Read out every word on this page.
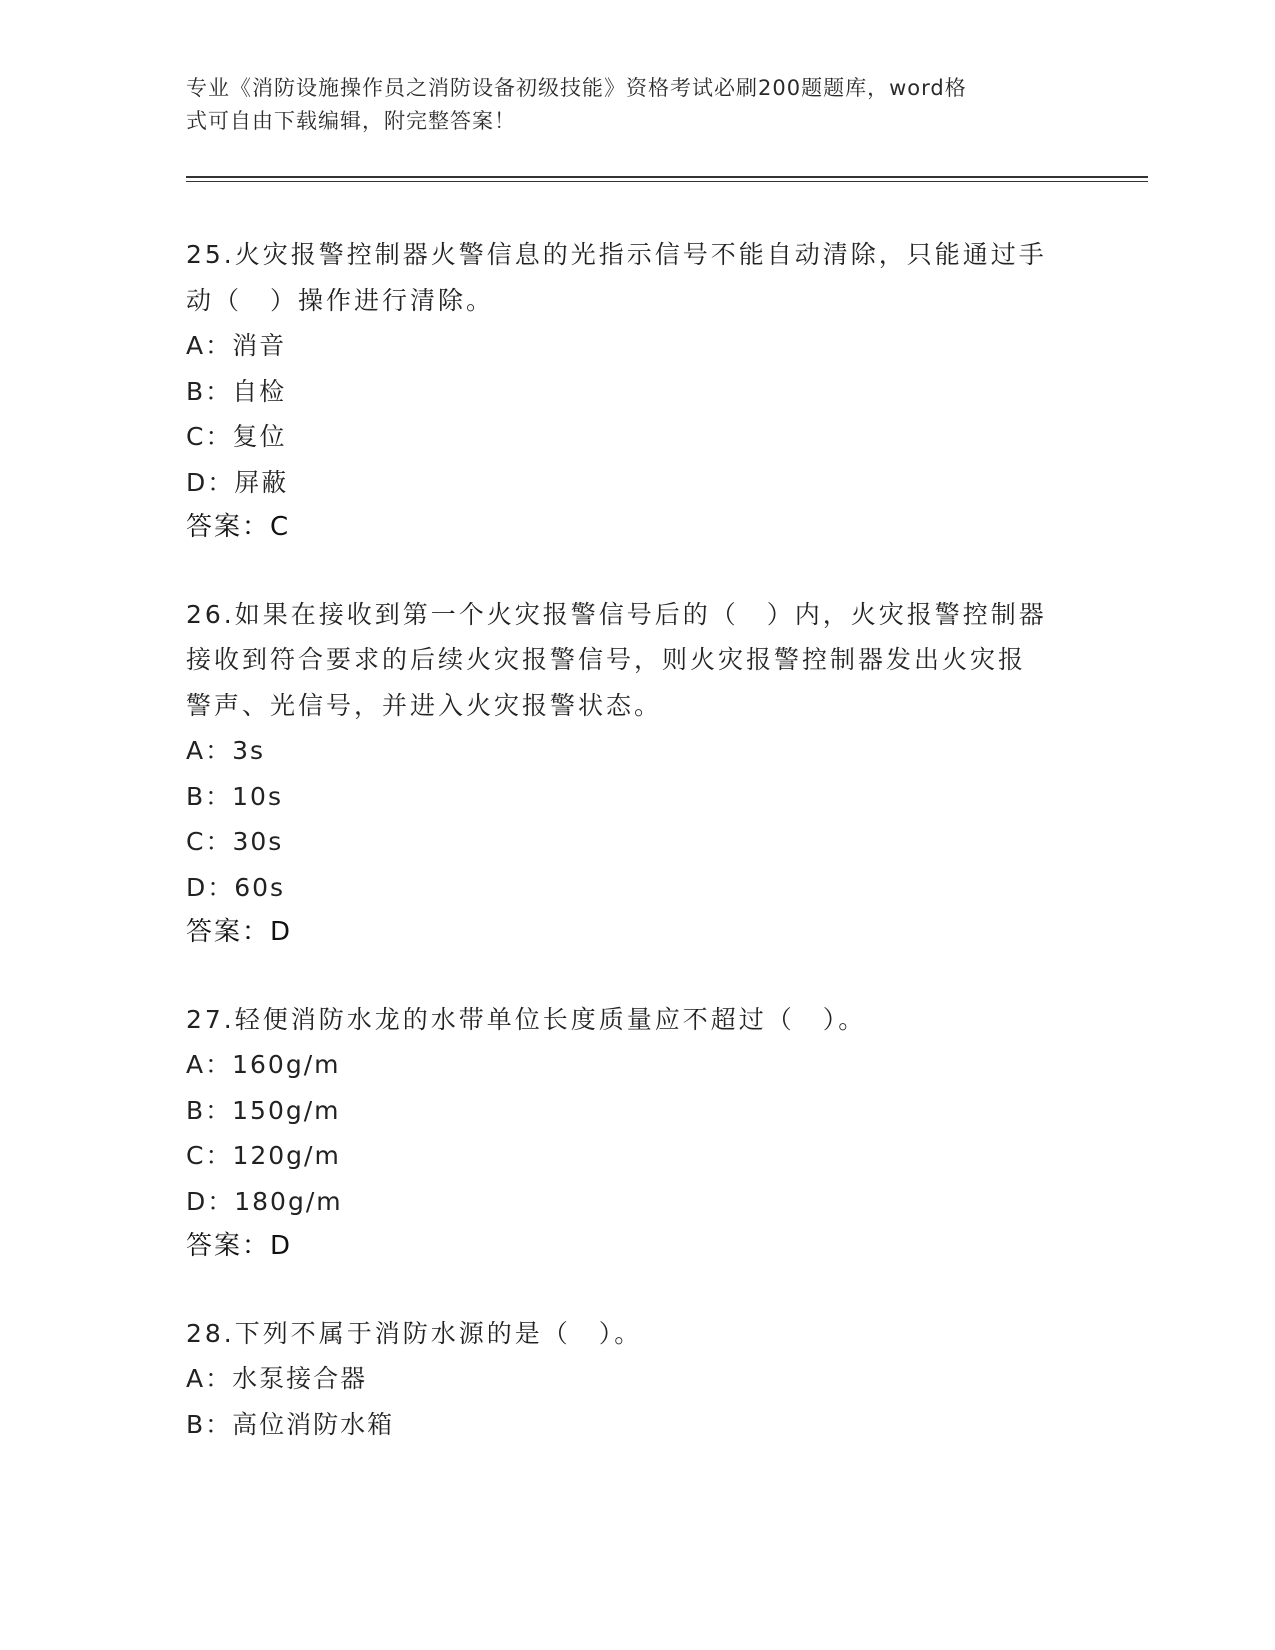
专业《消防设施操作员之消防设备初级技能》资格考试必刷200题题库，word格
式可自由下载编辑，附完整答案！

25.火灾报警控制器火警信息的光指示信号不能自动清除，只能通过手

动（　）操作进行清除。

A：消音

B：自检

C：复位

D：屏蔽

答案：C

26.如果在接收到第一个火灾报警信号后的（　）内，火灾报警控制器

接收到符合要求的后续火灾报警信号，则火灾报警控制器发出火灾报

警声、光信号，并进入火灾报警状态。

A：3s

B：10s

C：30s

D：60s

答案：D

27.轻便消防水龙的水带单位长度质量应不超过（　）。

A：160g/m

B：150g/m

C：120g/m

D：180g/m

答案：D

28.下列不属于消防水源的是（　）。

A：水泵接合器

B：高位消防水箱
